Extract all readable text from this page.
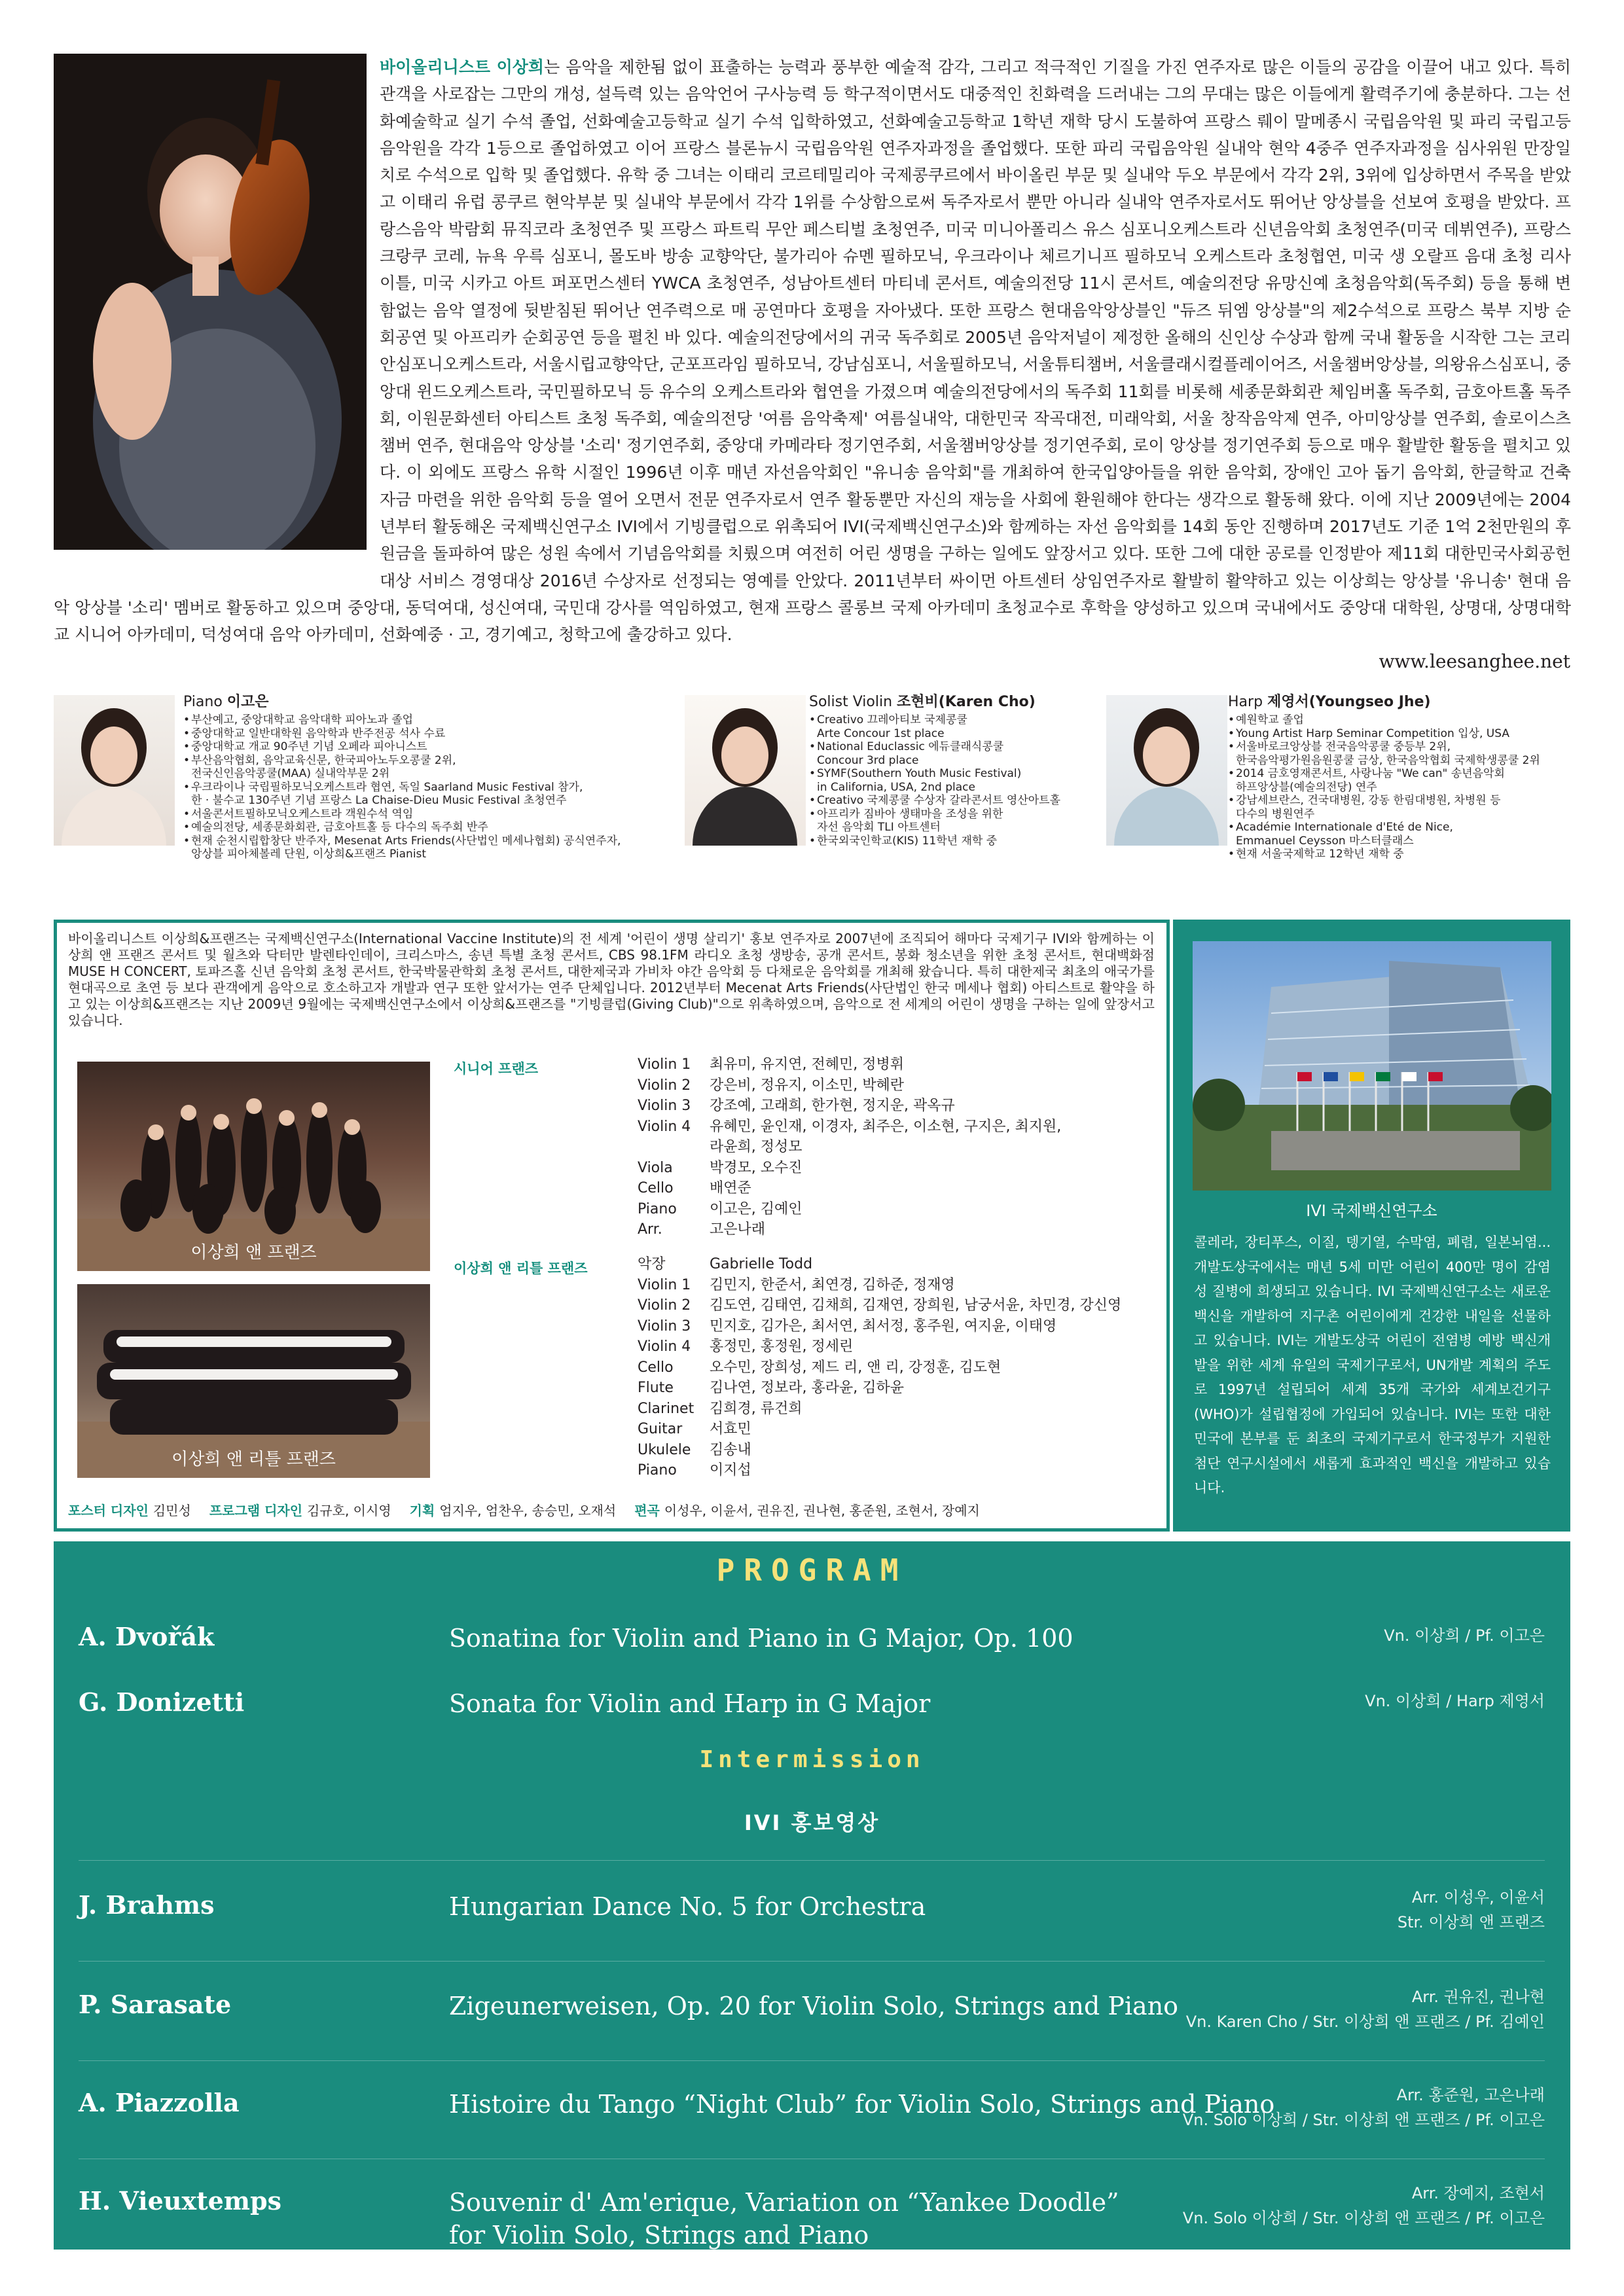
바이올리니스트 이상희는 음악을 제한됨 없이 표출하는 능력과 풍부한 예술적 감각, 그리고 적극적인 기질을 가진 연주자로 많은 이들의 공감을 이끌어 내고 있다. 특히 관객을 사로잡는 그만의 개성, 설득력 있는 음악언어 구사능력 등 학구적이면서도 대중적인 친화력을 드러내는 그의 무대는 많은 이들에게 활력주기에 충분하다. 그는 선화예술학교 실기 수석 졸업, 선화예술고등학교 실기 수석 입학하였고, 선화예술고등학교 1학년 재학 당시 도불하여 프랑스 뤠이 말메종시 국립음악원 및 파리 국립고등음악원을 각각 1등으로 졸업하였고 이어 프랑스 블론뉴시 국립음악원 연주자과정을 졸업했다. 또한 파리 국립음악원 실내악 현악 4중주 연주자과정을 심사위원 만장일치로 수석으로 입학 및 졸업했다. 유학 중 그녀는 이태리 코르테밀리아 국제콩쿠르에서 바이올린 부문 및 실내악 두오 부문에서 각각 2위, 3위에 입상하면서 주목을 받았고 이태리 유럽 콩쿠르 현악부분 및 실내악 부문에서 각각 1위를 수상함으로써 독주자로서 뿐만 아니라 실내악 연주자로서도 뛰어난 앙상블을 선보여 호평을 받았다. 프랑스음악 박람회 뮤직코라 초청연주 및 프랑스 파트릭 무안 페스티벌 초청연주, 미국 미니아폴리스 유스 심포니오케스트라 신년음악회 초청연주(미국 데뷔연주), 프랑스 크랑쿠 코레, 뉴욕 우륵 심포니, 몰도바 방송 교향악단, 불가리아 슈멘 필하모닉, 우크라이나 체르기니프 필하모닉 오케스트라 초청협연, 미국 생 오랄프 음대 초청 리사이틀, 미국 시카고 아트 퍼포먼스센터 YWCA 초청연주, 성남아트센터 마티네 콘서트, 예술의전당 11시 콘서트, 예술의전당 유망신예 초청음악회(독주회) 등을 통해 변함없는 음악 열정에 뒷받침된 뛰어난 연주력으로 매 공연마다 호평을 자아냈다. 또한 프랑스 현대음악앙상블인 "듀즈 뒤엠 앙상블"의 제2수석으로 프랑스 북부 지방 순회공연 및 아프리카 순회공연 등을 펼친 바 있다. 예술의전당에서의 귀국 독주회로 2005년 음악저널이 제정한 올해의 신인상 수상과 함께 국내 활동을 시작한 그는 코리안심포니오케스트라, 서울시립교향악단, 군포프라임 필하모닉, 강남심포니, 서울필하모닉, 서울튜티챔버, 서울클래시컬플레이어즈, 서울챔버앙상블, 의왕유스심포니, 중앙대 윈드오케스트라, 국민필하모닉 등 유수의 오케스트라와 협연을 가졌으며 예술의전당에서의 독주회 11회를 비롯해 세종문화회관 체임버홀 독주회, 금호아트홀 독주회, 이원문화센터 아티스트 초청 독주회, 예술의전당 '여름 음악축제' 여름실내악, 대한민국 작곡대전, 미래악회, 서울 창작음악제 연주, 아미앙상블 연주회, 솔로이스츠챔버 연주, 현대음악 앙상블 '소리' 정기연주회, 중앙대 카메라타 정기연주회, 서울챔버앙상블 정기연주회, 로이 앙상블 정기연주회 등으로 매우 활발한 활동을 펼치고 있다. 이 외에도 프랑스 유학 시절인 1996년 이후 매년 자선음악회인 "유니송 음악회"를 개최하여 한국입양아들을 위한 음악회, 장애인 고아 돕기 음악회, 한글학교 건축자금 마련을 위한 음악회 등을 열어 오면서 전문 연주자로서 연주 활동뿐만 자신의 재능을 사회에 환원해야 한다는 생각으로 활동해 왔다. 이에 지난 2009년에는 2004년부터 활동해온 국제백신연구소 IVI에서 기빙클럽으로 위촉되어 IVI(국제백신연구소)와 함께하는 자선 음악회를 14회 동안 진행하며 2017년도 기준 1억 2천만원의 후원금을 돌파하여 많은 성원 속에서 기념음악회를 치뤘으며 여전히 어린 생명을 구하는 일에도 앞장서고 있다. 또한 그에 대한 공로를 인정받아 제11회 대한민국사회공헌대상 서비스 경영대상 2016년 수상자로 선정되는 영예를 안았다. 2011년부터 싸이먼 아트센터 상임연주자로 활발히 활약하고 있는 이상희는 앙상블 '유니송' 현대 음악 앙상블 '소리' 멤버로 활동하고 있으며 중앙대, 동덕여대, 성신여대, 국민대 강사를 역임하였고, 현재 프랑스 콜롱브 국제 아카데미 초청교수로 후학을 양성하고 있으며 국내에서도 중앙대 대학원, 상명대, 상명대학교 시니어 아카데미, 덕성여대 음악 아카데미, 선화예중 · 고, 경기예고, 청학고에 출강하고 있다.
www.leesanghee.net
Piano 이고은
• 부산예고, 중앙대학교 음악대학 피아노과 졸업
• 중앙대학교 일반대학원 음악학과 반주전공 석사 수료
• 중앙대학교 개교 90주년 기념 오페라 피아니스트
• 부산음악협회, 음악교육신문, 한국피아노두오콩쿨 2위,
전국신인음악콩쿨(MAA) 실내악부문 2위
• 우크라이나 국립필하모닉오케스트라 협연, 독일 Saarland Music Festival 참가,
한 · 불수교 130주년 기념 프랑스 La Chaise-Dieu Music Festival 초청연주
• 서울콘서트필하모닉오케스트라 객원수석 역임
• 예술의전당, 세종문화회관, 금호아트홀 등 다수의 독주회 반주
• 현재 순천시립합창단 반주자, Mesenat Arts Friends(사단법인 메세나협회) 공식연주자,
앙상블 피아체볼레 단원, 이상희&프랜즈 Pianist
Solist Violin 조현비(Karen Cho)
• Creativo 끄레아티보 국제콩쿨
Arte Concour 1st place
• National Educlassic 에듀클래식콩쿨
Concour 3rd place
• SYMF(Southern Youth Music Festival)
in California, USA, 2nd place
• Creativo 국제콩쿨 수상자 갈라콘서트 영산아트홀
• 아프리카 짐바아 생태마을 조성을 위한
자선 음악회 TLI 아트센터
• 한국외국인학교(KIS) 11학년 재학 중
Harp 제영서(Youngseo Jhe)
• 예원학교 졸업
• Young Artist Harp Seminar Competition 입상, USA
• 서울바로크앙상블 전국음악콩쿨 중등부 2위,
한국음악평가원음원콩쿨 금상, 한국음악협회 국제학생콩쿨 2위
• 2014 금호영재콘서트, 사랑나눔 "We can" 송년음악회
하프앙상블(예술의전당) 연주
• 강남세브란스, 건국대병원, 강동 한림대병원, 차병원 등
다수의 병원연주
• Académie Internationale d'Eté de Nice,
Emmanuel Ceysson 마스터클래스
• 현재 서울국제학교 12학년 재학 중
바이올리니스트 이상희&프랜즈는 국제백신연구소(International Vaccine Institute)의 전 세계 '어린이 생명 살리기' 홍보 연주자로 2007년에 조직되어 해마다 국제기구 IVI와 함께하는 이상희 앤 프랜즈 콘서트 및 월츠와 닥터만 발렌타인데이, 크리스마스, 송년 특별 초청 콘서트, CBS 98.1FM 라디오 초청 생방송, 공개 콘서트, 봉화 청소년을 위한 초청 콘서트, 현대백화점 MUSE H CONCERT, 토파즈홀 신년 음악회 초청 콘서트, 한국박물관학회 초청 콘서트, 대한제국과 가비차 야간 음악회 등 다채로운 음악회를 개최해 왔습니다. 특히 대한제국 최초의 애국가를 현대곡으로 초연 등 보다 관객에게 음악으로 호소하고자 개발과 연구 또한 앞서가는 연주 단체입니다. 2012년부터 Mecenat Arts Friends(사단법인 한국 메세나 협회) 아티스트로 활약을 하고 있는 이상희&프랜즈는 지난 2009년 9월에는 국제백신연구소에서 이상희&프랜즈를 "기빙클럽(Giving Club)"으로 위촉하였으며, 음악으로 전 세계의 어린이 생명을 구하는 일에 앞장서고 있습니다.
이상희 앤 프랜즈
이상희 앤 리틀 프랜즈
시니어 프랜즈	Violin 1	최유미, 유지연, 전혜민, 정병휘
Violin 2	강은비, 정유지, 이소민, 박혜란
Violin 3	강조예, 고래희, 한가현, 정지운, 곽옥규
Violin 4	유혜민, 윤인재, 이경자, 최주은, 이소현, 구지은, 최지원,
라윤희, 정성모
Viola	박경모, 오수진
Cello	배연준
Piano	이고은, 김예인
Arr.	고은나래
이상희 앤 리틀 프랜즈	악장	Gabrielle Todd
Violin 1	김민지, 한준서, 최연경, 김하준, 정재영
Violin 2	김도연, 김태연, 김채희, 김재연, 장희원, 남궁서윤, 차민경, 강신영
Violin 3	민지호, 김가은, 최서연, 최서정, 홍주원, 여지윤, 이태영
Violin 4	홍정민, 홍정원, 정세린
Cello	오수민, 장희성, 제드 리, 앤 리, 강정훈, 김도현
Flute	김나연, 정보라, 홍라윤, 김하윤
Clarinet	김희경, 류건희
Guitar	서효민
Ukulele	김송내
Piano	이지섭
포스터 디자인 김민성 프로그램 디자인 김규호, 이시영 기획 엄지우, 엄찬우, 송승민, 오재석 편곡 이성우, 이윤서, 권유진, 권나현, 홍준원, 조현서, 장예지
IVI 국제백신연구소
콜레라, 장티푸스, 이질, 뎅기열, 수막염, 폐렴, 일본뇌염... 개발도상국에서는 매년 5세 미만 어린이 400만 명이 감염성 질병에 희생되고 있습니다. IVI 국제백신연구소는 새로운 백신을 개발하여 지구촌 어린이에게 건강한 내일을 선물하고 있습니다. IVI는 개발도상국 어린이 전염병 예방 백신개발을 위한 세계 유일의 국제기구로서, UN개발 계획의 주도로 1997년 설립되어 세계 35개 국가와 세계보건기구(WHO)가 설립협정에 가입되어 있습니다. IVI는 또한 대한민국에 본부를 둔 최초의 국제기구로서 한국정부가 지원한 첨단 연구시설에서 새롭게 효과적인 백신을 개발하고 있습니다.
PROGRAM
A. Dvořák	Sonatina for Violin and Piano in G Major, Op. 100	Vn. 이상희 / Pf. 이고은
G. Donizetti	Sonata for Violin and Harp in G Major	Vn. 이상희 / Harp 제영서
J. Brahms	Hungarian Dance No. 5 for Orchestra	Arr. 이성우, 이윤서
Str. 이상희 앤 프랜즈
P. Sarasate	Zigeunerweisen, Op. 20 for Violin Solo, Strings and Piano	Arr. 권유진, 권나현
Vn. Karen Cho / Str. 이상희 앤 프랜즈 / Pf. 김예인
A. Piazzolla	Histoire du Tango “Night Club” for Violin Solo, Strings and Piano	Arr. 홍준원, 고은나래
Vn. Solo 이상희 / Str. 이상희 앤 프랜즈 / Pf. 이고은
H. Vieuxtemps	Souvenir d' Am'erique, Variation on “Yankee Doodle”
for Violin Solo, Strings and Piano
Arr. 장예지, 조현서
Vn. Solo 이상희 / Str. 이상희 앤 프랜즈 / Pf. 이고은
Intermission
IVI 홍보영상
